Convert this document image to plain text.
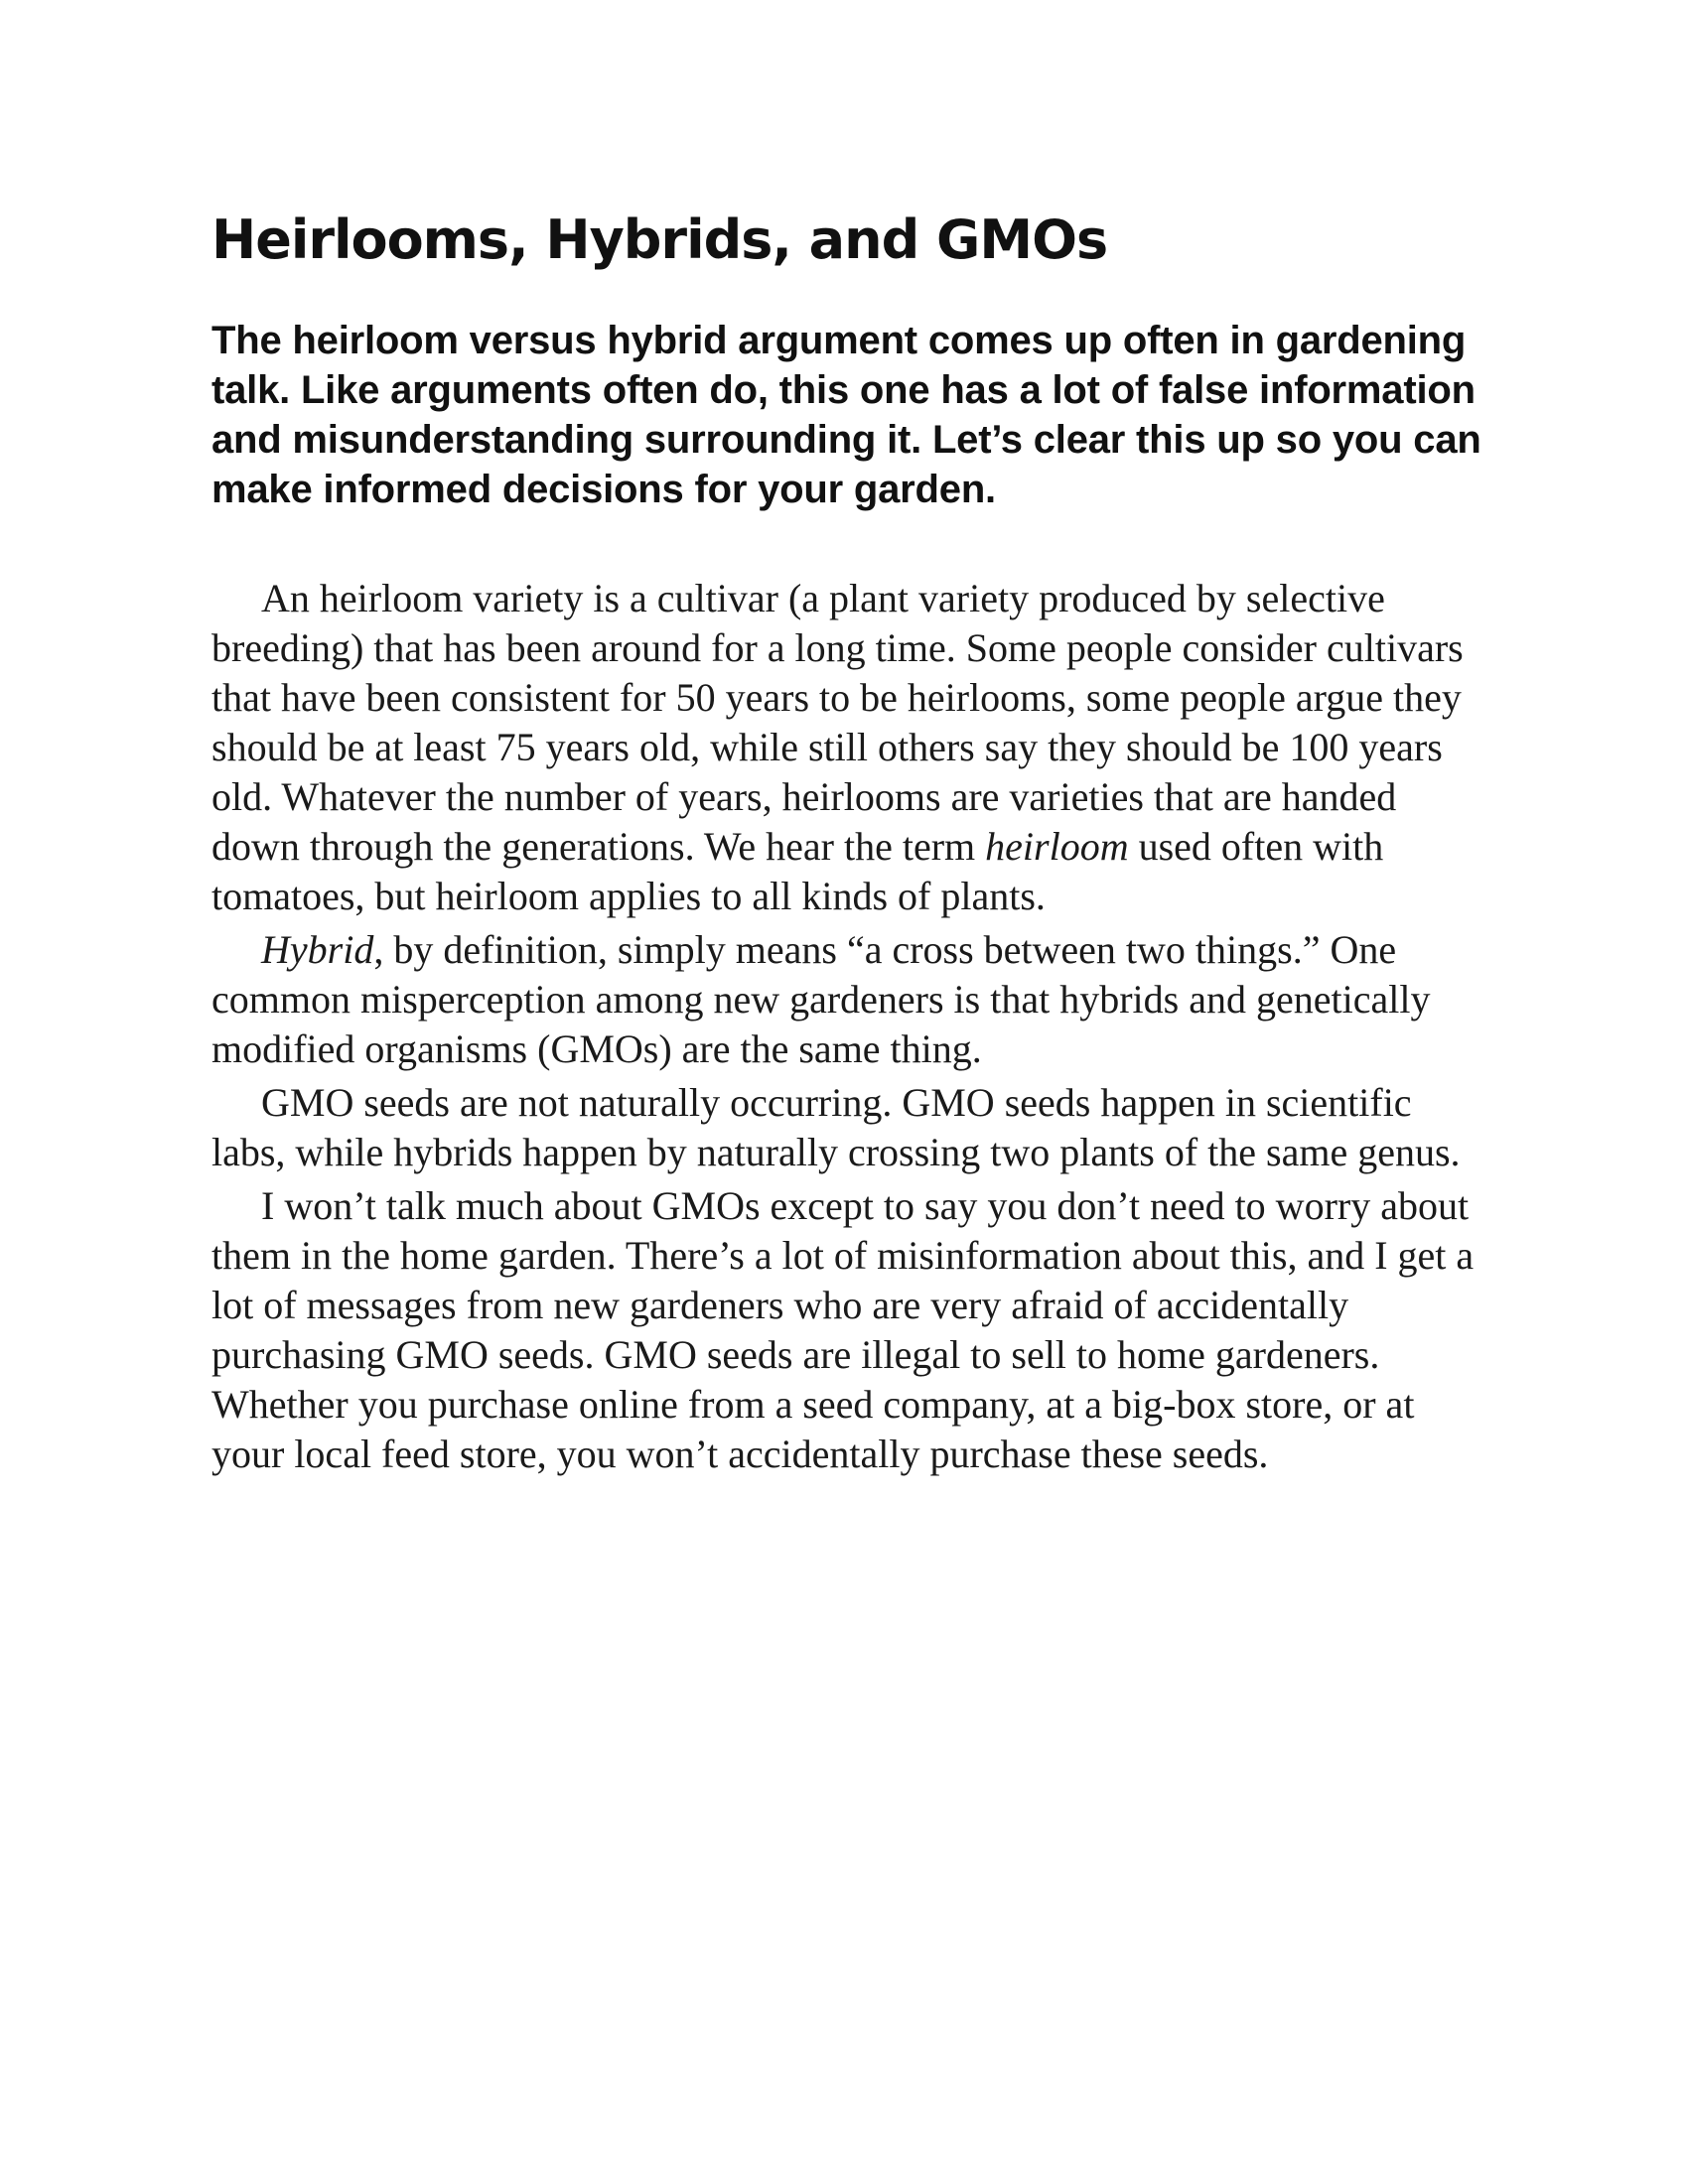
Heirlooms, Hybrids, and GMOs

The heirloom versus hybrid argument comes up often in gardening talk. Like arguments often do, this one has a lot of false information and misunderstanding surrounding it. Let’s clear this up so you can make informed decisions for your garden.

An heirloom variety is a cultivar (a plant variety produced by selective breeding) that has been around for a long time. Some people consider cultivars that have been consistent for 50 years to be heirlooms, some people argue they should be at least 75 years old, while still others say they should be 100 years old. Whatever the number of years, heirlooms are varieties that are handed down through the generations. We hear the term heirloom used often with tomatoes, but heirloom applies to all kinds of plants.

Hybrid, by definition, simply means “a cross between two things.” One common misperception among new gardeners is that hybrids and genetically modified organisms (GMOs) are the same thing.

GMO seeds are not naturally occurring. GMO seeds happen in scientific labs, while hybrids happen by naturally crossing two plants of the same genus.

I won’t talk much about GMOs except to say you don’t need to worry about them in the home garden. There’s a lot of misinformation about this, and I get a lot of messages from new gardeners who are very afraid of accidentally purchasing GMO seeds. GMO seeds are illegal to sell to home gardeners. Whether you purchase online from a seed company, at a big-box store, or at your local feed store, you won’t accidentally purchase these seeds.
